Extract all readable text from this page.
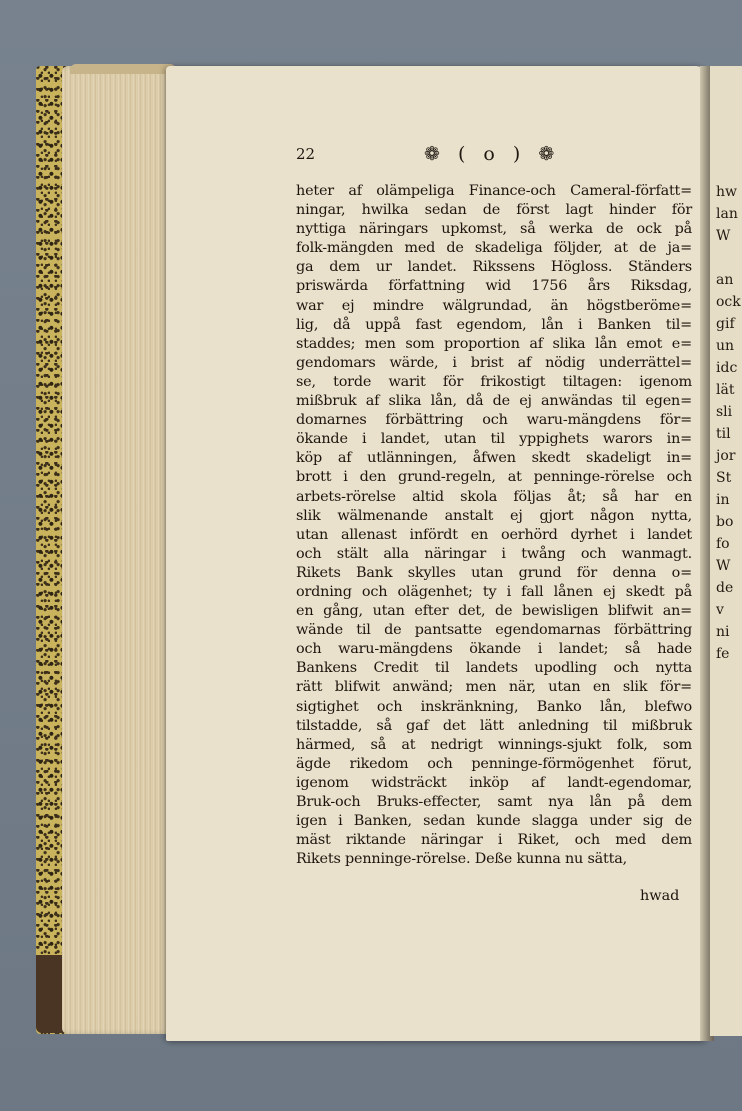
hw
lan
W
an
ock
gif
un
idc
lät
sli
til
jor
St
in
bo
fo
W
de
v
ni
fe
22	❁ ( o ) ❁
heter af olämpeliga Finance-och Cameral-författ=
ningar, hwilka sedan de först lagt hinder för
nyttiga näringars upkomst, så werka de ock på
folk-mängden med de skadeliga följder, at de ja=
ga dem ur landet. Rikssens Högloss. Ständers
priswärda författning wid 1756 års Riksdag,
war ej mindre wälgrundad, än högstberöme=
lig, då uppå fast egendom, lån i Banken til=
staddes; men som proportion af slika lån emot e=
gendomars wärde, i brist af nödig underrättel=
se, torde warit för frikostigt tiltagen: igenom
mißbruk af slika lån, då de ej anwändas til egen=
domarnes förbättring och waru-mängdens för=
ökande i landet, utan til yppighets warors in=
köp af utlänningen, åfwen skedt skadeligt in=
brott i den grund-regeln, at penninge-rörelse och
arbets-rörelse altid skola följas åt; så har en
slik wälmenande anstalt ej gjort någon nytta,
utan allenast infördt en oerhörd dyrhet i landet
och stält alla näringar i twång och wanmagt.
Rikets Bank skylles utan grund för denna o=
ordning och olägenhet; ty i fall lånen ej skedt på
en gång, utan efter det, de bewisligen blifwit an=
wände til de pantsatte egendomarnas förbättring
och waru-mängdens ökande i landet; så hade
Bankens Credit til landets upodling och nytta
rätt blifwit anwänd; men när, utan en slik för=
sigtighet och inskränkning, Banko lån, blefwo
tilstadde, så gaf det lätt anledning til mißbruk
härmed, så at nedrigt winnings-sjukt folk, som
ägde rikedom och penninge-förmögenhet förut,
igenom widsträckt inköp af landt-egendomar,
Bruk-och Bruks-effecter, samt nya lån på dem
igen i Banken, sedan kunde slagga under sig de
mäst riktande näringar i Riket, och med dem
Rikets penninge-rörelse. Deße kunna nu sätta,
hwad
